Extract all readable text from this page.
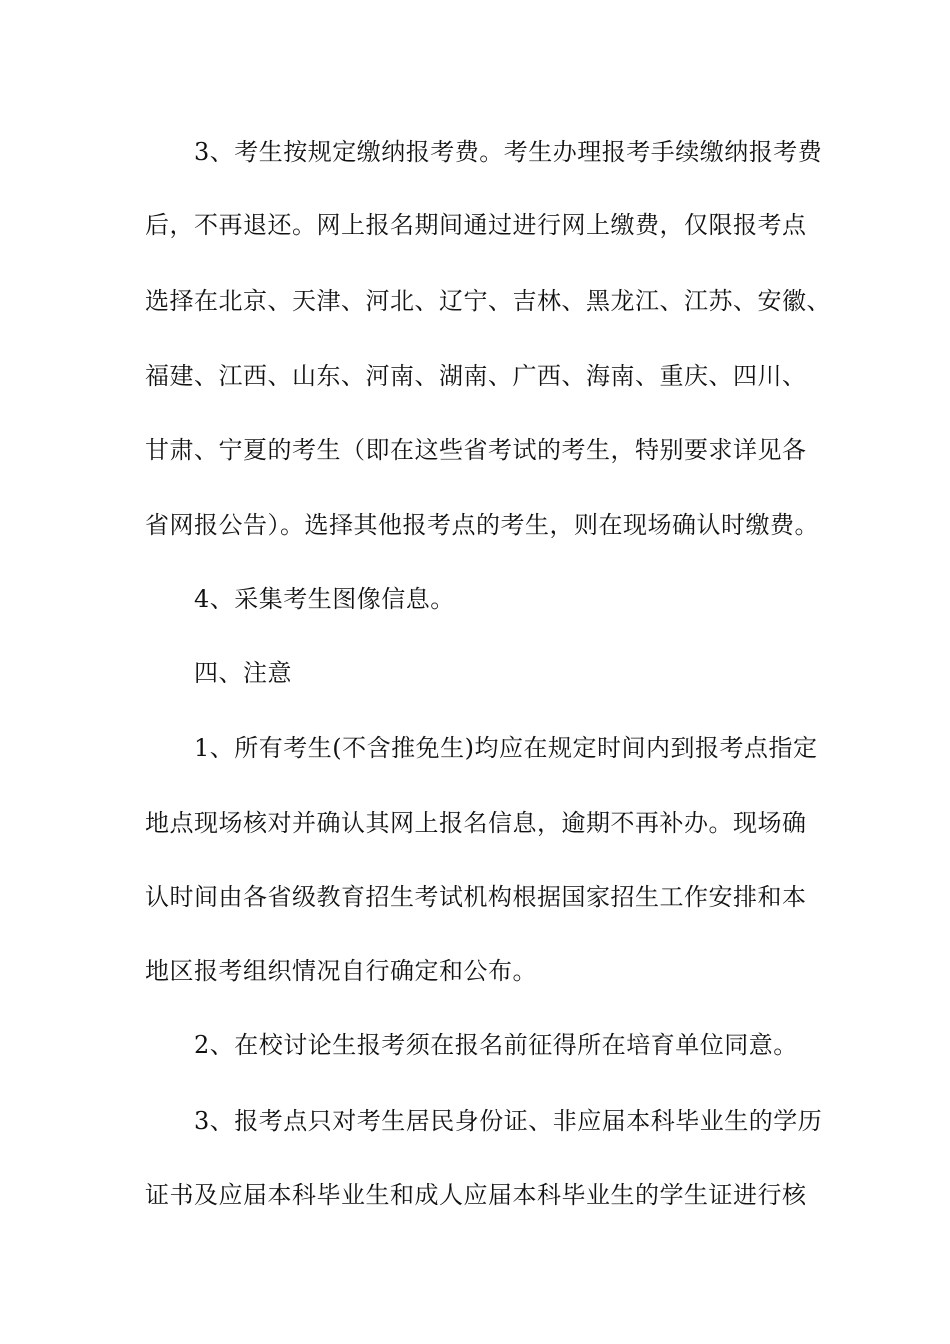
3、考生按规定缴纳报考费。考生办理报考手续缴纳报考费
后，不再退还。网上报名期间通过进行网上缴费，仅限报考点
选择在北京、天津、河北、辽宁、吉林、黑龙江、江苏、安徽、
福建、江西、山东、河南、湖南、广西、海南、重庆、四川、
甘肃、宁夏的考生（即在这些省考试的考生，特别要求详见各
省网报公告）。选择其他报考点的考生，则在现场确认时缴费。
4、采集考生图像信息。
四、注意
1、所有考生(不含推免生)均应在规定时间内到报考点指定
地点现场核对并确认其网上报名信息，逾期不再补办。现场确
认时间由各省级教育招生考试机构根据国家招生工作安排和本
地区报考组织情况自行确定和公布。
2、在校讨论生报考须在报名前征得所在培育单位同意。
3、报考点只对考生居民身份证、非应届本科毕业生的学历
证书及应届本科毕业生和成人应届本科毕业生的学生证进行核
